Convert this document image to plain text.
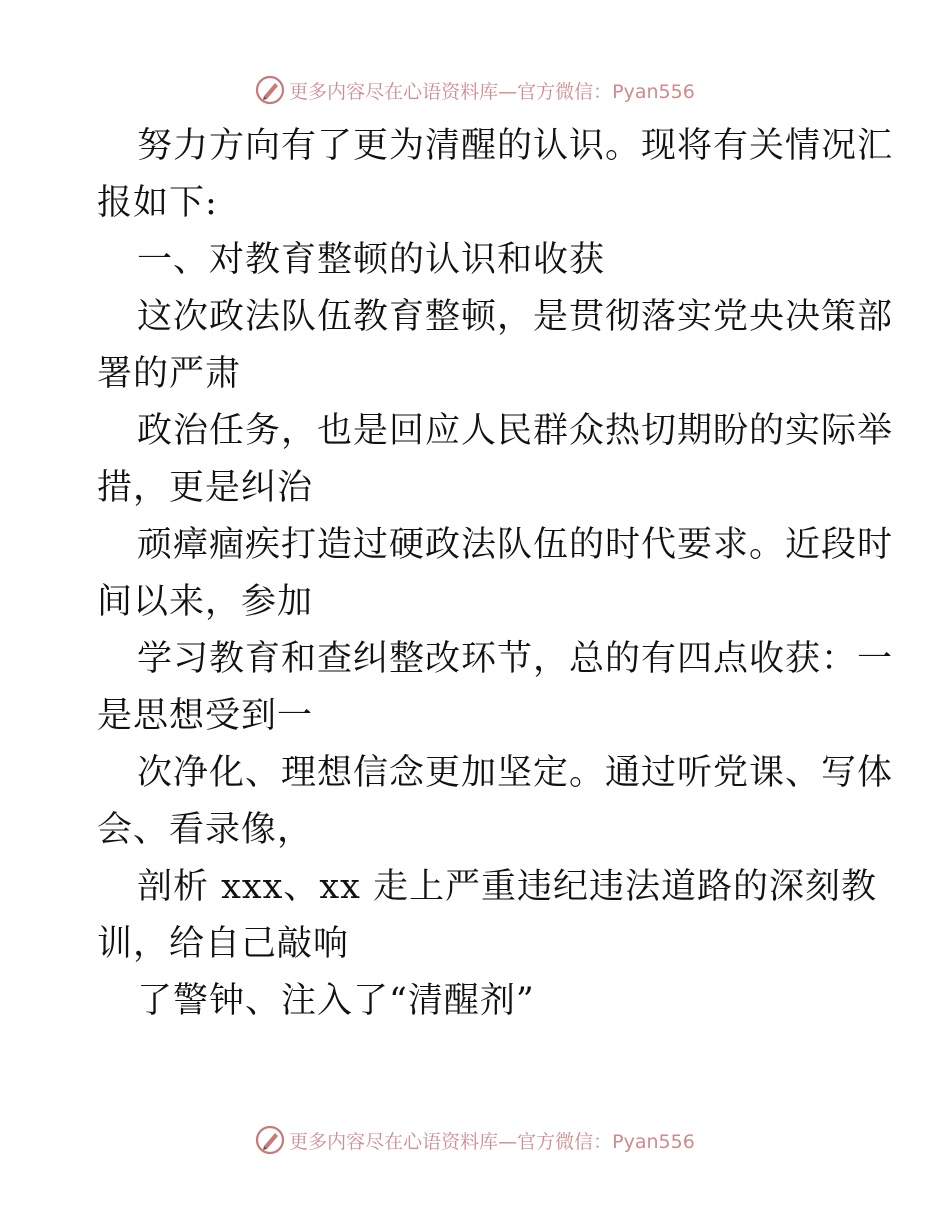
更多内容尽在心语资料库—官方微信：Pyan556
努力方向有了更为清醒的认识。现将有关情况汇
报如下:
一、对教育整顿的认识和收获
这次政法队伍教育整顿，是贯彻落实党央决策部
署的严肃
政治任务，也是回应人民群众热切期盼的实际举
措，更是纠治
顽瘴痼疾打造过硬政法队伍的时代要求。近段时
间以来，参加
学习教育和查纠整改环节，总的有四点收获：一
是思想受到一
次净化、理想信念更加坚定。通过听党课、写体
会、看录像，
剖析 xxx、xx 走上严重违纪违法道路的深刻教
训，给自己敲响
了警钟、注入了“清醒剂”
更多内容尽在心语资料库—官方微信：Pyan556
